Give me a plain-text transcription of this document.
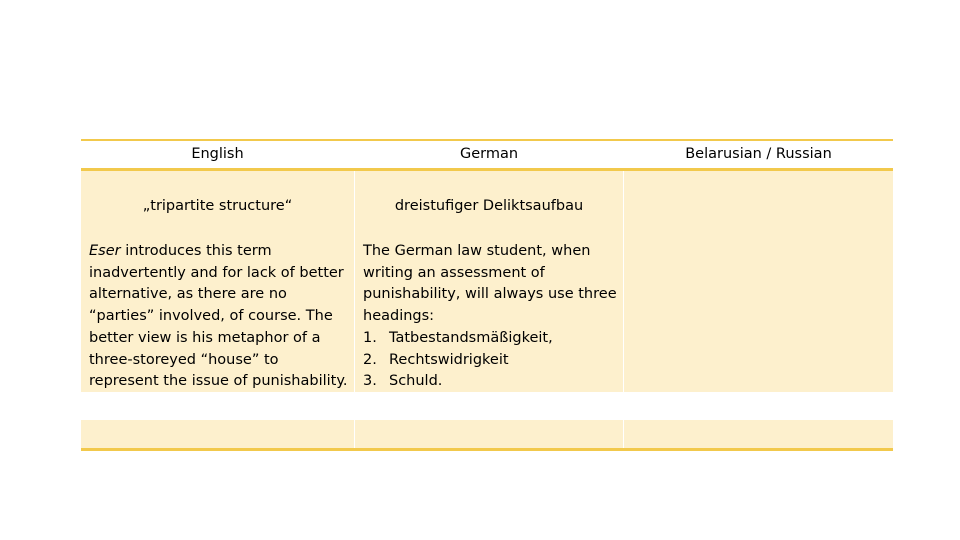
English	German	Belarusian / Russian
„tripartite structure“

Eser introduces this term inadvertently and for lack of better alternative, as there are no “parties” involved, of course. The better view is his metaphor of a three-storeyed “house” to represent the issue of punishability.

dreistufiger Deliktsaufbau

The German law student, when writing an assessment of punishability, will always use three headings:

1. Tatbestandsmäßigkeit,
2. Rechtswidrigkeit
3. Schuld.
